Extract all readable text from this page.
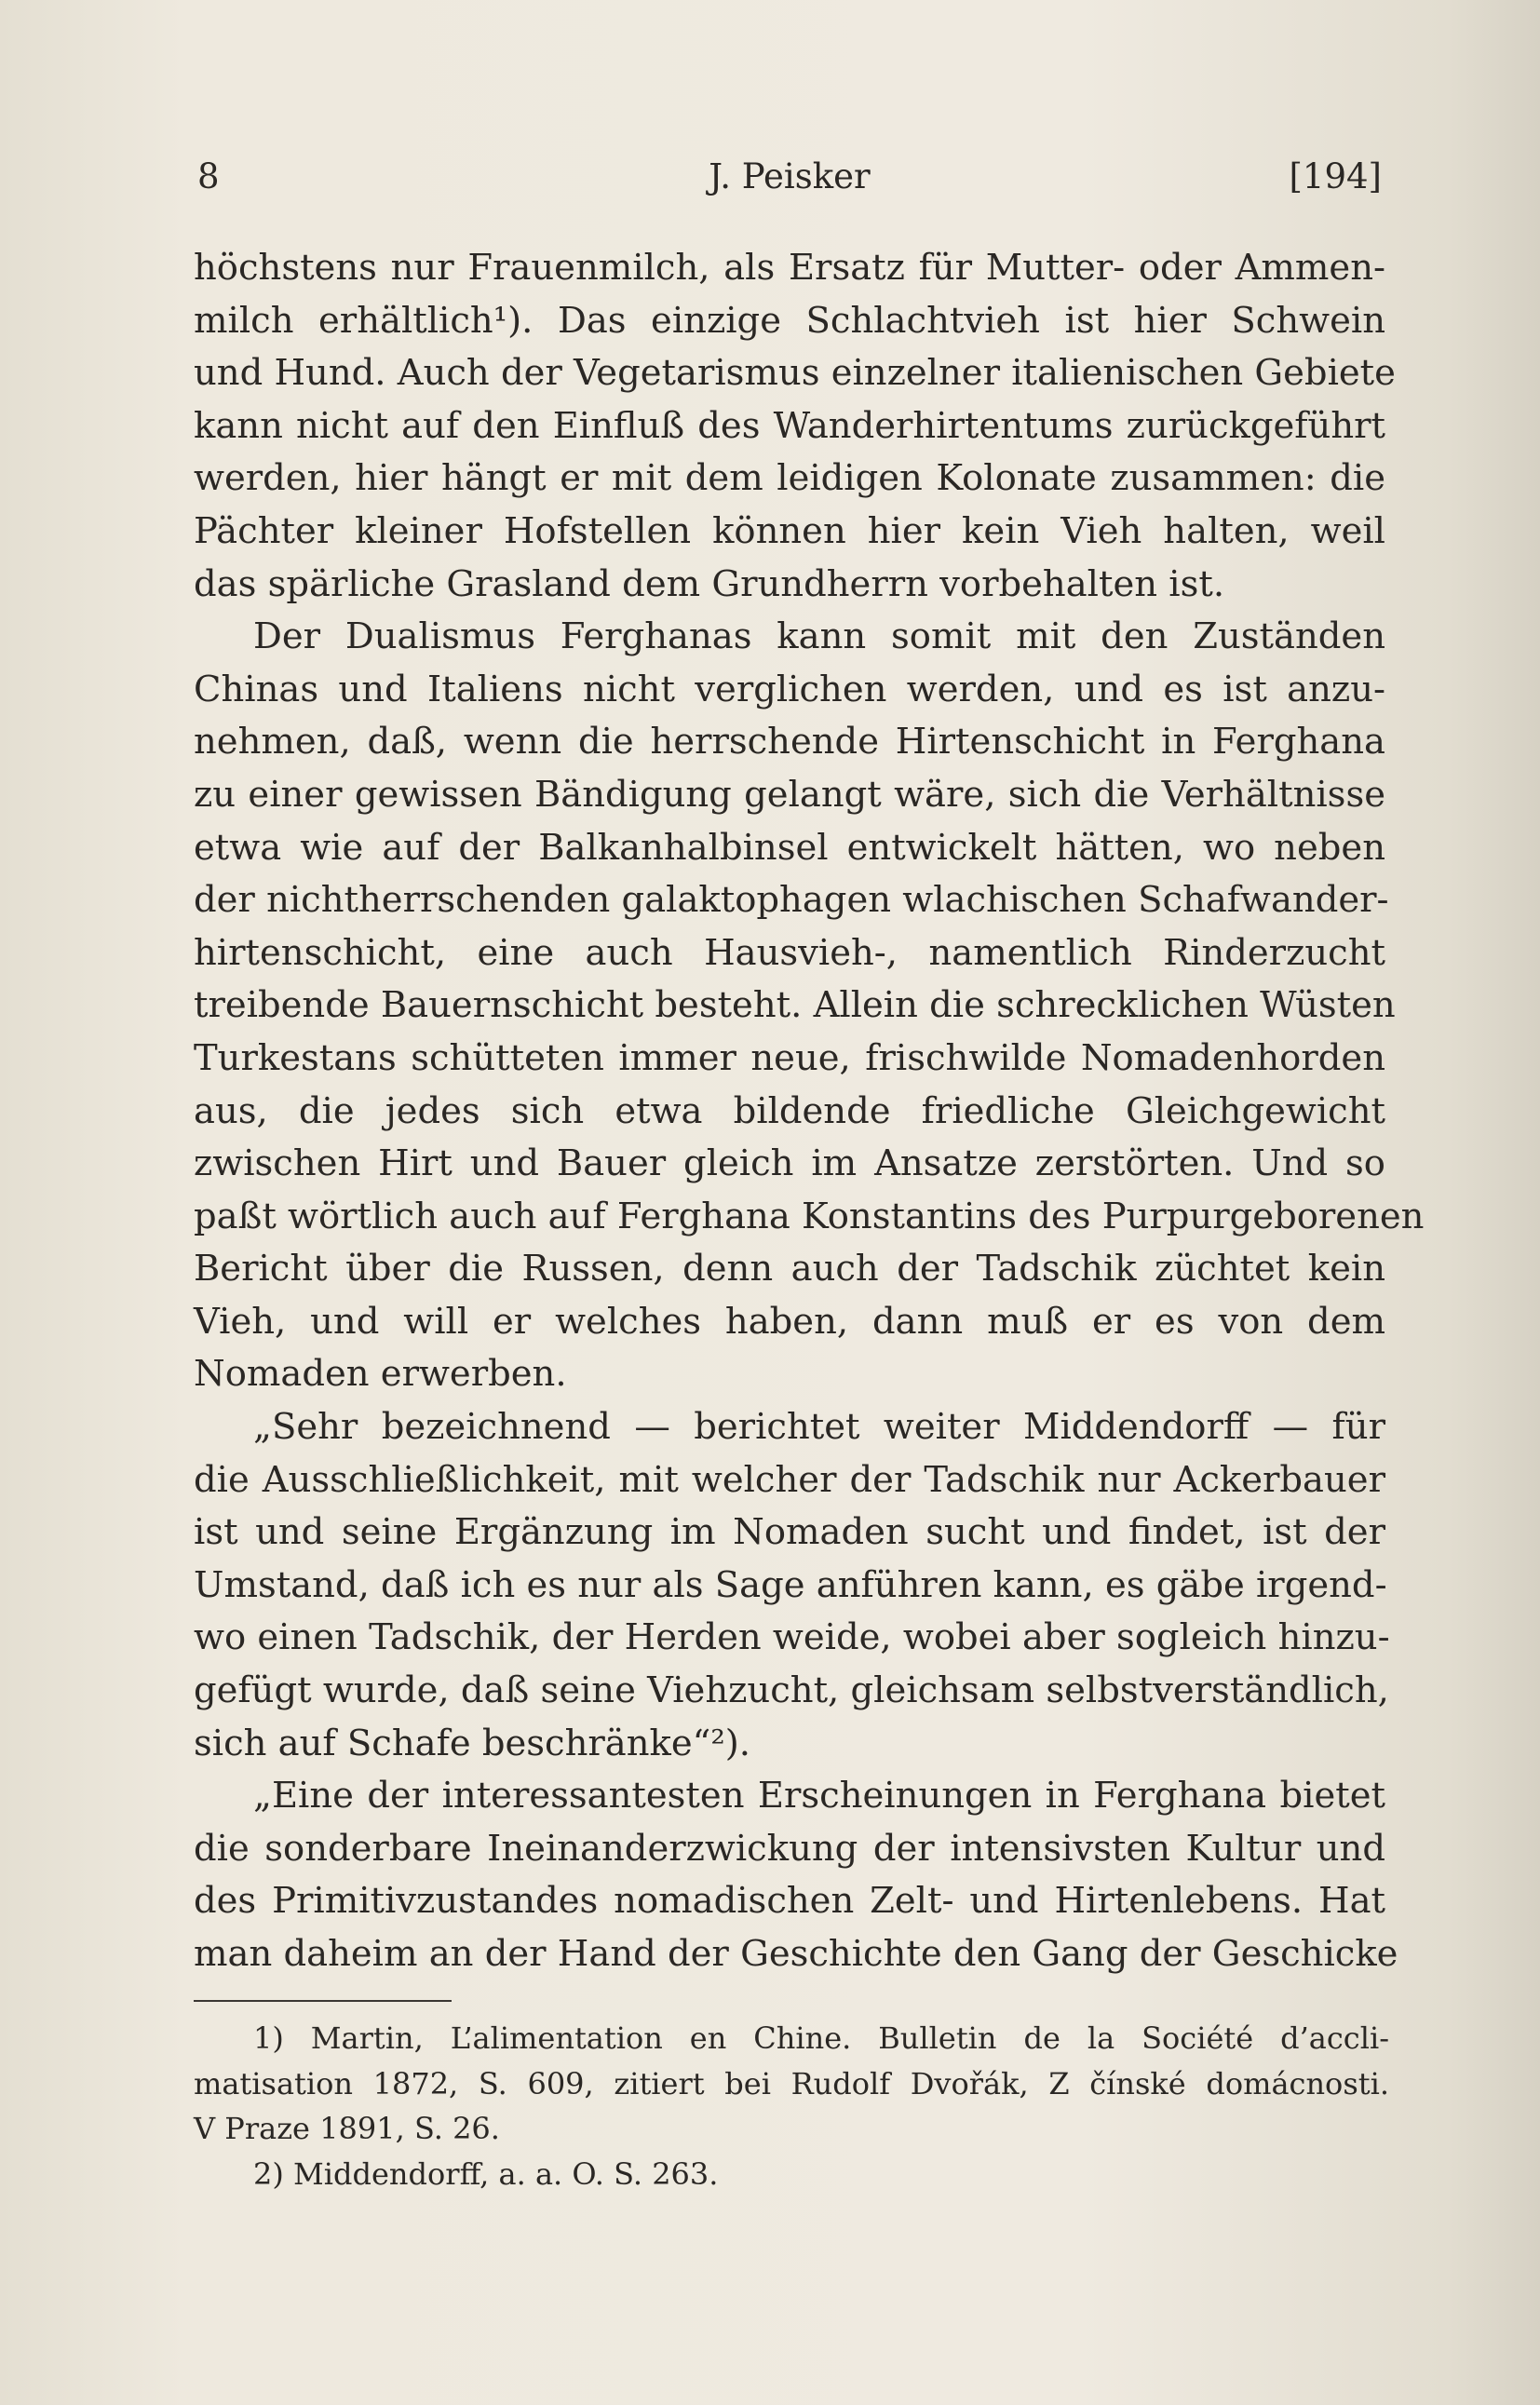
8	J. Peisker	[194]
höchstens nur Frauenmilch, als Ersatz für Mutter- oder Ammen-
milch erhältlich¹). Das einzige Schlachtvieh ist hier Schwein
und Hund. Auch der Vegetarismus einzelner italienischen Gebiete
kann nicht auf den Einfluß des Wanderhirtentums zurückgeführt
werden, hier hängt er mit dem leidigen Kolonate zusammen: die
Pächter kleiner Hofstellen können hier kein Vieh halten, weil
das spärliche Grasland dem Grundherrn vorbehalten ist.
Der Dualismus Ferghanas kann somit mit den Zuständen
Chinas und Italiens nicht verglichen werden, und es ist anzu-
nehmen, daß, wenn die herrschende Hirtenschicht in Ferghana
zu einer gewissen Bändigung gelangt wäre, sich die Verhältnisse
etwa wie auf der Balkanhalbinsel entwickelt hätten, wo neben
der nichtherrschenden galaktophagen wlachischen Schafwander-
hirtenschicht, eine auch Hausvieh-, namentlich Rinderzucht
treibende Bauernschicht besteht. Allein die schrecklichen Wüsten
Turkestans schütteten immer neue, frischwilde Nomadenhorden
aus, die jedes sich etwa bildende friedliche Gleichgewicht
zwischen Hirt und Bauer gleich im Ansatze zerstörten. Und so
paßt wörtlich auch auf Ferghana Konstantins des Purpurgeborenen
Bericht über die Russen, denn auch der Tadschik züchtet kein
Vieh, und will er welches haben, dann muß er es von dem
Nomaden erwerben.
„Sehr bezeichnend — berichtet weiter Middendorff — für
die Ausschließlichkeit, mit welcher der Tadschik nur Ackerbauer
ist und seine Ergänzung im Nomaden sucht und findet, ist der
Umstand, daß ich es nur als Sage anführen kann, es gäbe irgend-
wo einen Tadschik, der Herden weide, wobei aber sogleich hinzu-
gefügt wurde, daß seine Viehzucht, gleichsam selbstverständlich,
sich auf Schafe beschränke“²).
„Eine der interessantesten Erscheinungen in Ferghana bietet
die sonderbare Ineinanderzwickung der intensivsten Kultur und
des Primitivzustandes nomadischen Zelt- und Hirtenlebens. Hat
man daheim an der Hand der Geschichte den Gang der Geschicke
1) Martin, L’alimentation en Chine. Bulletin de la Société d’accli-
matisation 1872, S. 609, zitiert bei Rudolf Dvořák, Z čínské domácnosti.
V Praze 1891, S. 26.
2) Middendorff, a. a. O. S. 263.
